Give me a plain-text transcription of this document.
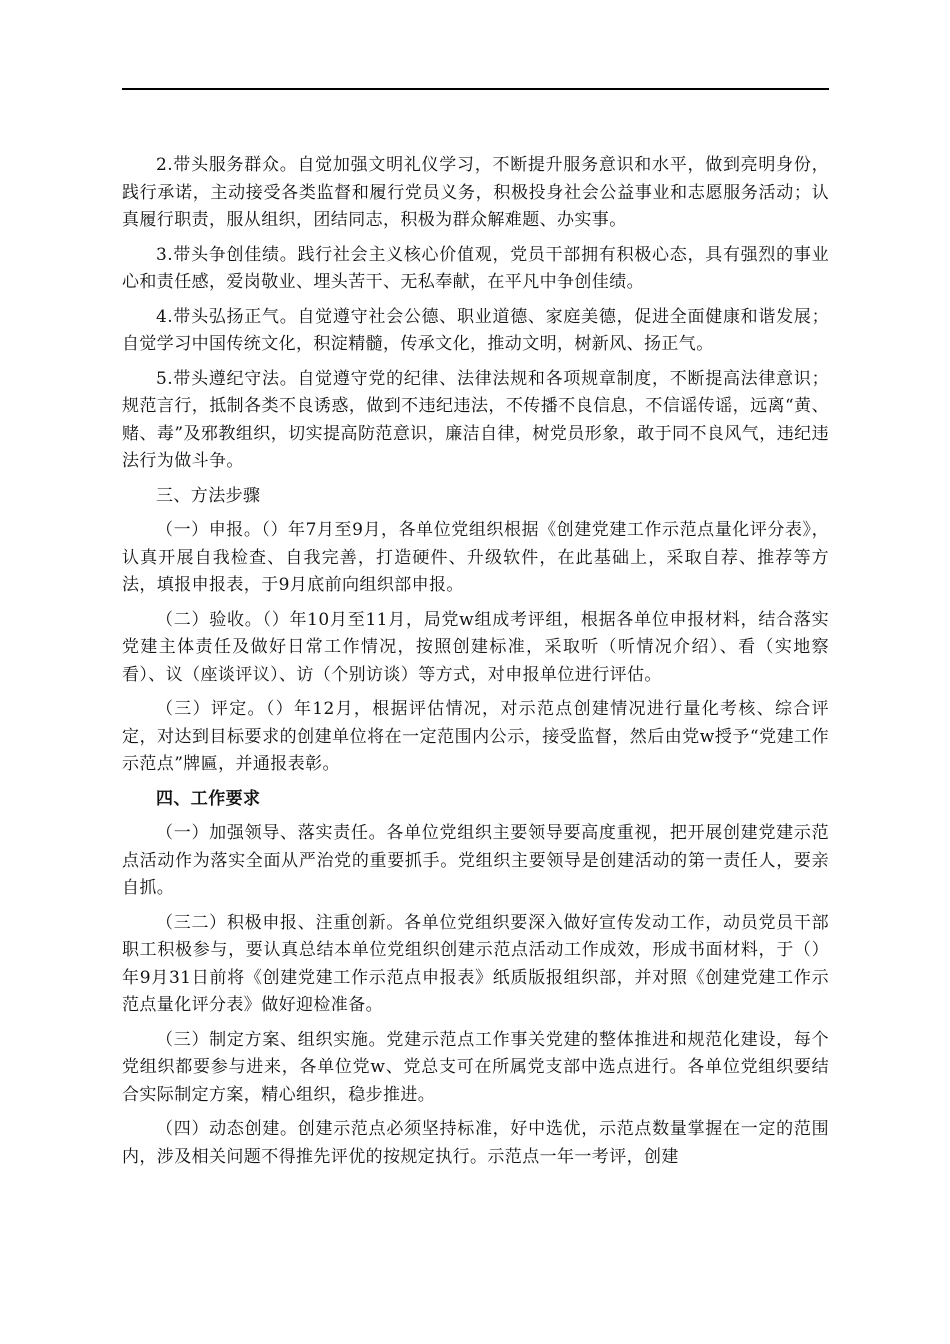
2.带头服务群众。自觉加强文明礼仪学习，不断提升服务意识和水平，做到亮明身份，践行承诺，主动接受各类监督和履行党员义务，积极投身社会公益事业和志愿服务活动；认真履行职责，服从组织，团结同志，积极为群众解难题、办实事。

3.带头争创佳绩。践行社会主义核心价值观，党员干部拥有积极心态，具有强烈的事业心和责任感，爱岗敬业、埋头苦干、无私奉献，在平凡中争创佳绩。

4.带头弘扬正气。自觉遵守社会公德、职业道德、家庭美德，促进全面健康和谐发展；自觉学习中国传统文化，积淀精髓，传承文化，推动文明，树新风、扬正气。

5.带头遵纪守法。自觉遵守党的纪律、法律法规和各项规章制度，不断提高法律意识；规范言行，抵制各类不良诱惑，做到不违纪违法，不传播不良信息，不信谣传谣，远离“黄、赌、毒”及邪教组织，切实提高防范意识，廉洁自律，树党员形象，敢于同不良风气，违纪违法行为做斗争。

三、方法步骤

（一）申报。（）年7月至9月，各单位党组织根据《创建党建工作示范点量化评分表》，认真开展自我检查、自我完善，打造硬件、升级软件，在此基础上，采取自荐、推荐等方法，填报申报表，于9月底前向组织部申报。

（二）验收。（）年10月至11月，局党w组成考评组，根据各单位申报材料，结合落实党建主体责任及做好日常工作情况，按照创建标准，采取听（听情况介绍）、看（实地察看）、议（座谈评议）、访（个别访谈）等方式，对申报单位进行评估。

（三）评定。（）年12月，根据评估情况，对示范点创建情况进行量化考核、综合评定，对达到目标要求的创建单位将在一定范围内公示，接受监督，然后由党w授予“党建工作示范点”牌匾，并通报表彰。

四、工作要求

（一）加强领导、落实责任。各单位党组织主要领导要高度重视，把开展创建党建示范点活动作为落实全面从严治党的重要抓手。党组织主要领导是创建活动的第一责任人，要亲自抓。

（三二）积极申报、注重创新。各单位党组织要深入做好宣传发动工作，动员党员干部职工积极参与，要认真总结本单位党组织创建示范点活动工作成效，形成书面材料，于（）年9月31日前将《创建党建工作示范点申报表》纸质版报组织部，并对照《创建党建工作示范点量化评分表》做好迎检准备。

（三）制定方案、组织实施。党建示范点工作事关党建的整体推进和规范化建设，每个党组织都要参与进来，各单位党w、党总支可在所属党支部中选点进行。各单位党组织要结合实际制定方案，精心组织，稳步推进。

（四）动态创建。创建示范点必须坚持标准，好中选优，示范点数量掌握在一定的范围内，涉及相关问题不得推先评优的按规定执行。示范点一年一考评，创建
